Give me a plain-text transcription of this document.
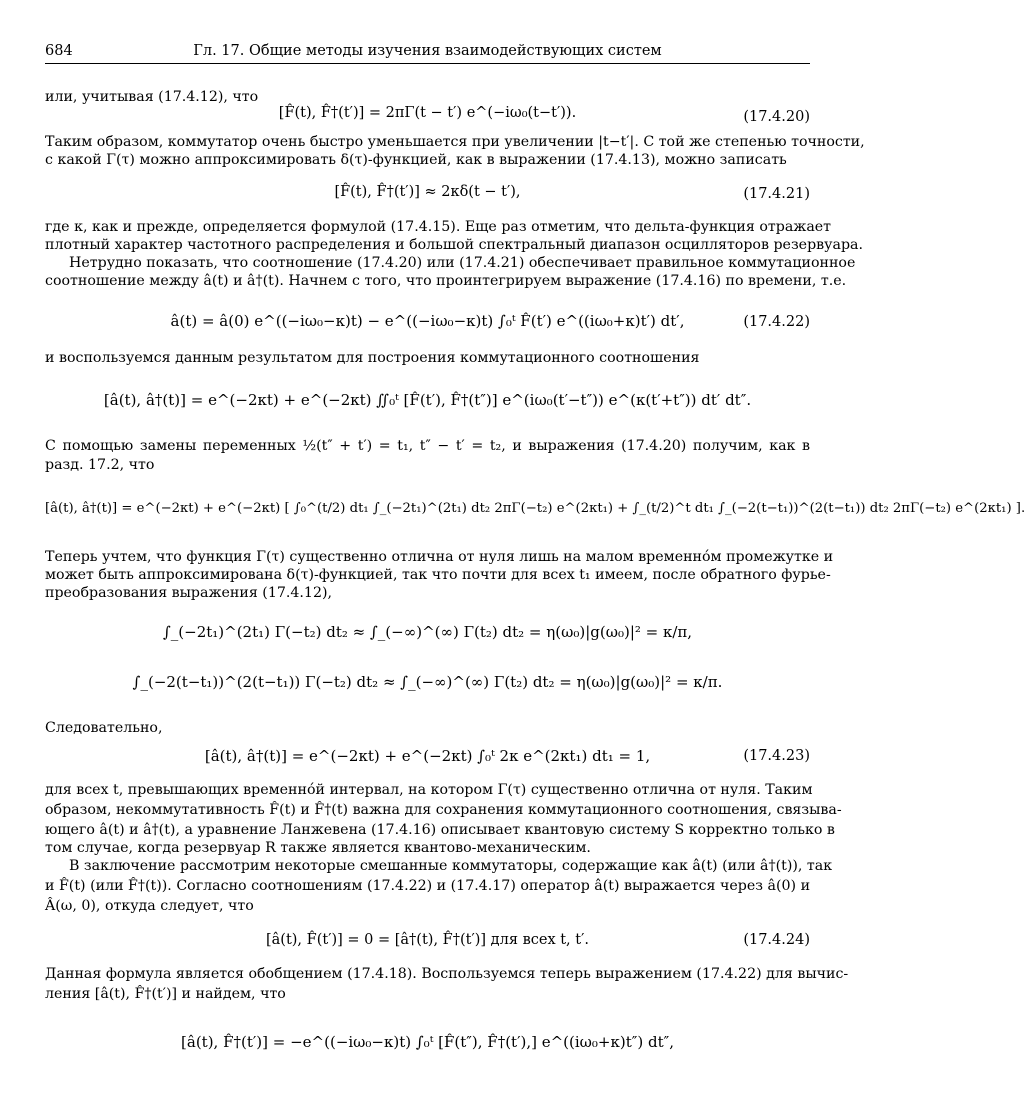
684	Гл. 17. Общие методы изучения взаимодействующих систем
или, учитывая (17.4.12), что
[F̂(t), F̂†(t′)] = 2πΓ(t − t′) e^(−iω₀(t−t′)).	(17.4.20)
Таким образом, коммутатор очень быстро уменьшается при увеличении |t−t′|. С той же степенью точности,
с какой Γ(τ) можно аппроксимировать δ(τ)-функцией, как в выражении (17.4.13), можно записать
[F̂(t), F̂†(t′)] ≈ 2κδ(t − t′),	(17.4.21)
где κ, как и прежде, определяется формулой (17.4.15). Еще раз отметим, что дельта-функция отражает
плотный характер частотного распределения и большой спектральный диапазон осцилляторов резервуара.
Нетрудно показать, что соотношение (17.4.20) или (17.4.21) обеспечивает правильное коммутационное
соотношение между â(t) и â†(t). Начнем с того, что проинтегрируем выражение (17.4.16) по времени, т.е.
â(t) = â(0) e^((−iω₀−κ)t) − e^((−iω₀−κ)t) ∫₀ᵗ F̂(t′) e^((iω₀+κ)t′) dt′,	(17.4.22)
и воспользуемся данным результатом для построения коммутационного соотношения
[â(t), â†(t)] = e^(−2κt) + e^(−2κt) ∬₀ᵗ [F̂(t′), F̂†(t″)] e^(iω₀(t′−t″)) e^(κ(t′+t″)) dt′ dt″.
С помощью замены переменных ½(t″ + t′) = t₁, t″ − t′ = t₂, и выражения (17.4.20) получим, как в
разд. 17.2, что
[â(t), â†(t)] = e^(−2κt) + e^(−2κt) [ ∫₀^(t/2) dt₁ ∫_(−2t₁)^(2t₁) dt₂ 2πΓ(−t₂) e^(2κt₁) + ∫_(t/2)^t dt₁ ∫_(−2(t−t₁))^(2(t−t₁)) dt₂ 2πΓ(−t₂) e^(2κt₁) ].
Теперь учтем, что функция Γ(τ) существенно отлична от нуля лишь на малом временнóм промежутке и
может быть аппроксимирована δ(τ)-функцией, так что почти для всех t₁ имеем, после обратного фурье-
преобразования выражения (17.4.12),
∫_(−2t₁)^(2t₁) Γ(−t₂) dt₂ ≈ ∫_(−∞)^(∞) Γ(t₂) dt₂ = η(ω₀)|g(ω₀)|² = κ/π,
∫_(−2(t−t₁))^(2(t−t₁)) Γ(−t₂) dt₂ ≈ ∫_(−∞)^(∞) Γ(t₂) dt₂ = η(ω₀)|g(ω₀)|² = κ/π.
Следовательно,
[â(t), â†(t)] = e^(−2κt) + e^(−2κt) ∫₀ᵗ 2κ e^(2κt₁) dt₁ = 1,	(17.4.23)
для всех t, превышающих временнóй интервал, на котором Γ(τ) существенно отлична от нуля. Таким
образом, некоммутативность F̂(t) и F̂†(t) важна для сохранения коммутационного соотношения, связыва-
ющего â(t) и â†(t), а уравнение Ланжевена (17.4.16) описывает квантовую систему S корректно только в
том случае, когда резервуар R также является квантово-механическим.
В заключение рассмотрим некоторые смешанные коммутаторы, содержащие как â(t) (или â†(t)), так
и F̂(t) (или F̂†(t)). Согласно соотношениям (17.4.22) и (17.4.17) оператор â(t) выражается через â(0) и
Â(ω, 0), откуда следует, что
[â(t), F̂(t′)] = 0 = [â†(t), F̂†(t′)] для всех t, t′.	(17.4.24)
Данная формула является обобщением (17.4.18). Воспользуемся теперь выражением (17.4.22) для вычис-
ления [â(t), F̂†(t′)] и найдем, что
[â(t), F̂†(t′)] = −e^((−iω₀−κ)t) ∫₀ᵗ [F̂(t″), F̂†(t′),] e^((iω₀+κ)t″) dt″,
